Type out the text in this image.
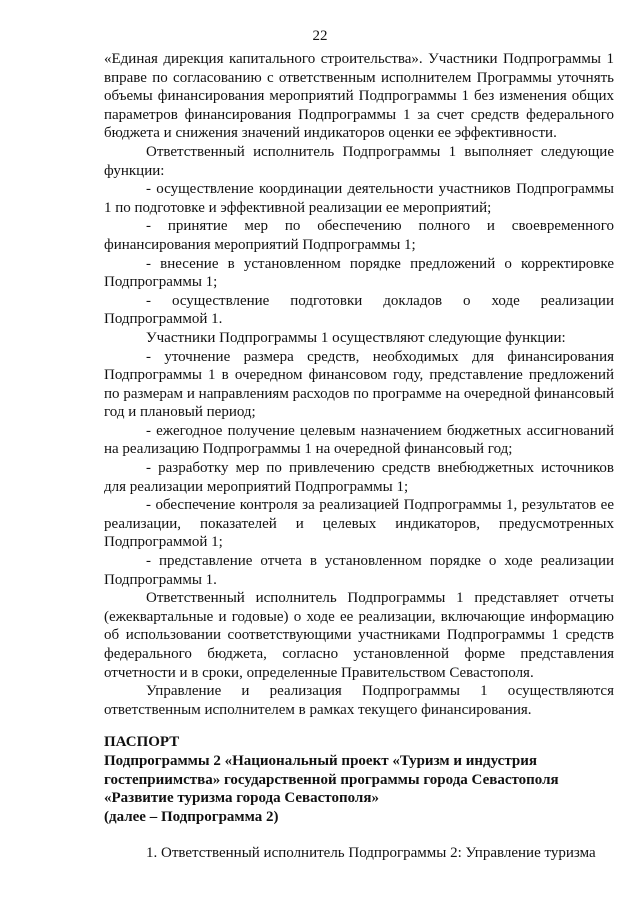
22

«Единая дирекция капитального строительства». Участники Подпрограммы 1 вправе по согласованию с ответственным исполнителем Программы уточнять объемы финансирования мероприятий Подпрограммы 1 без изменения общих параметров финансирования Подпрограммы 1 за счет средств федерального бюджета и снижения значений индикаторов оценки ее эффективности.

Ответственный исполнитель Подпрограммы 1 выполняет следующие функции:

- осуществление координации деятельности участников Подпрограммы 1 по подготовке и эффективной реализации ее мероприятий;

- принятие мер по обеспечению полного и своевременного финансирования мероприятий Подпрограммы 1;

- внесение в установленном порядке предложений о корректировке Подпрограммы 1;

- осуществление подготовки докладов о ходе реализации Подпрограммой 1.

Участники Подпрограммы 1 осуществляют следующие функции:

- уточнение размера средств, необходимых для финансирования Подпрограммы 1 в очередном финансовом году, представление предложений по размерам и направлениям расходов по программе на очередной финансовый год и плановый период;

- ежегодное получение целевым назначением бюджетных ассигнований на реализацию Подпрограммы 1 на очередной финансовый год;

- разработку мер по привлечению средств внебюджетных источников для реализации мероприятий Подпрограммы 1;

- обеспечение контроля за реализацией Подпрограммы 1, результатов ее реализации, показателей и целевых индикаторов, предусмотренных Подпрограммой 1;

- представление отчета в установленном порядке о ходе реализации Подпрограммы 1.

Ответственный исполнитель Подпрограммы 1 представляет отчеты (ежеквартальные и годовые) о ходе ее реализации, включающие информацию об использовании соответствующими участниками Подпрограммы 1 средств федерального бюджета, согласно установленной форме представления отчетности и в сроки, определенные Правительством Севастополя.

Управление и реализация Подпрограммы 1 осуществляются ответственным исполнителем в рамках текущего финансирования.

ПАСПОРТ

Подпрограммы 2 «Национальный проект «Туризм и индустрия

гостеприимства» государственной программы города Севастополя

«Развитие туризма города Севастополя»

(далее – Подпрограмма 2)

1. Ответственный исполнитель Подпрограммы 2: Управление туризма
